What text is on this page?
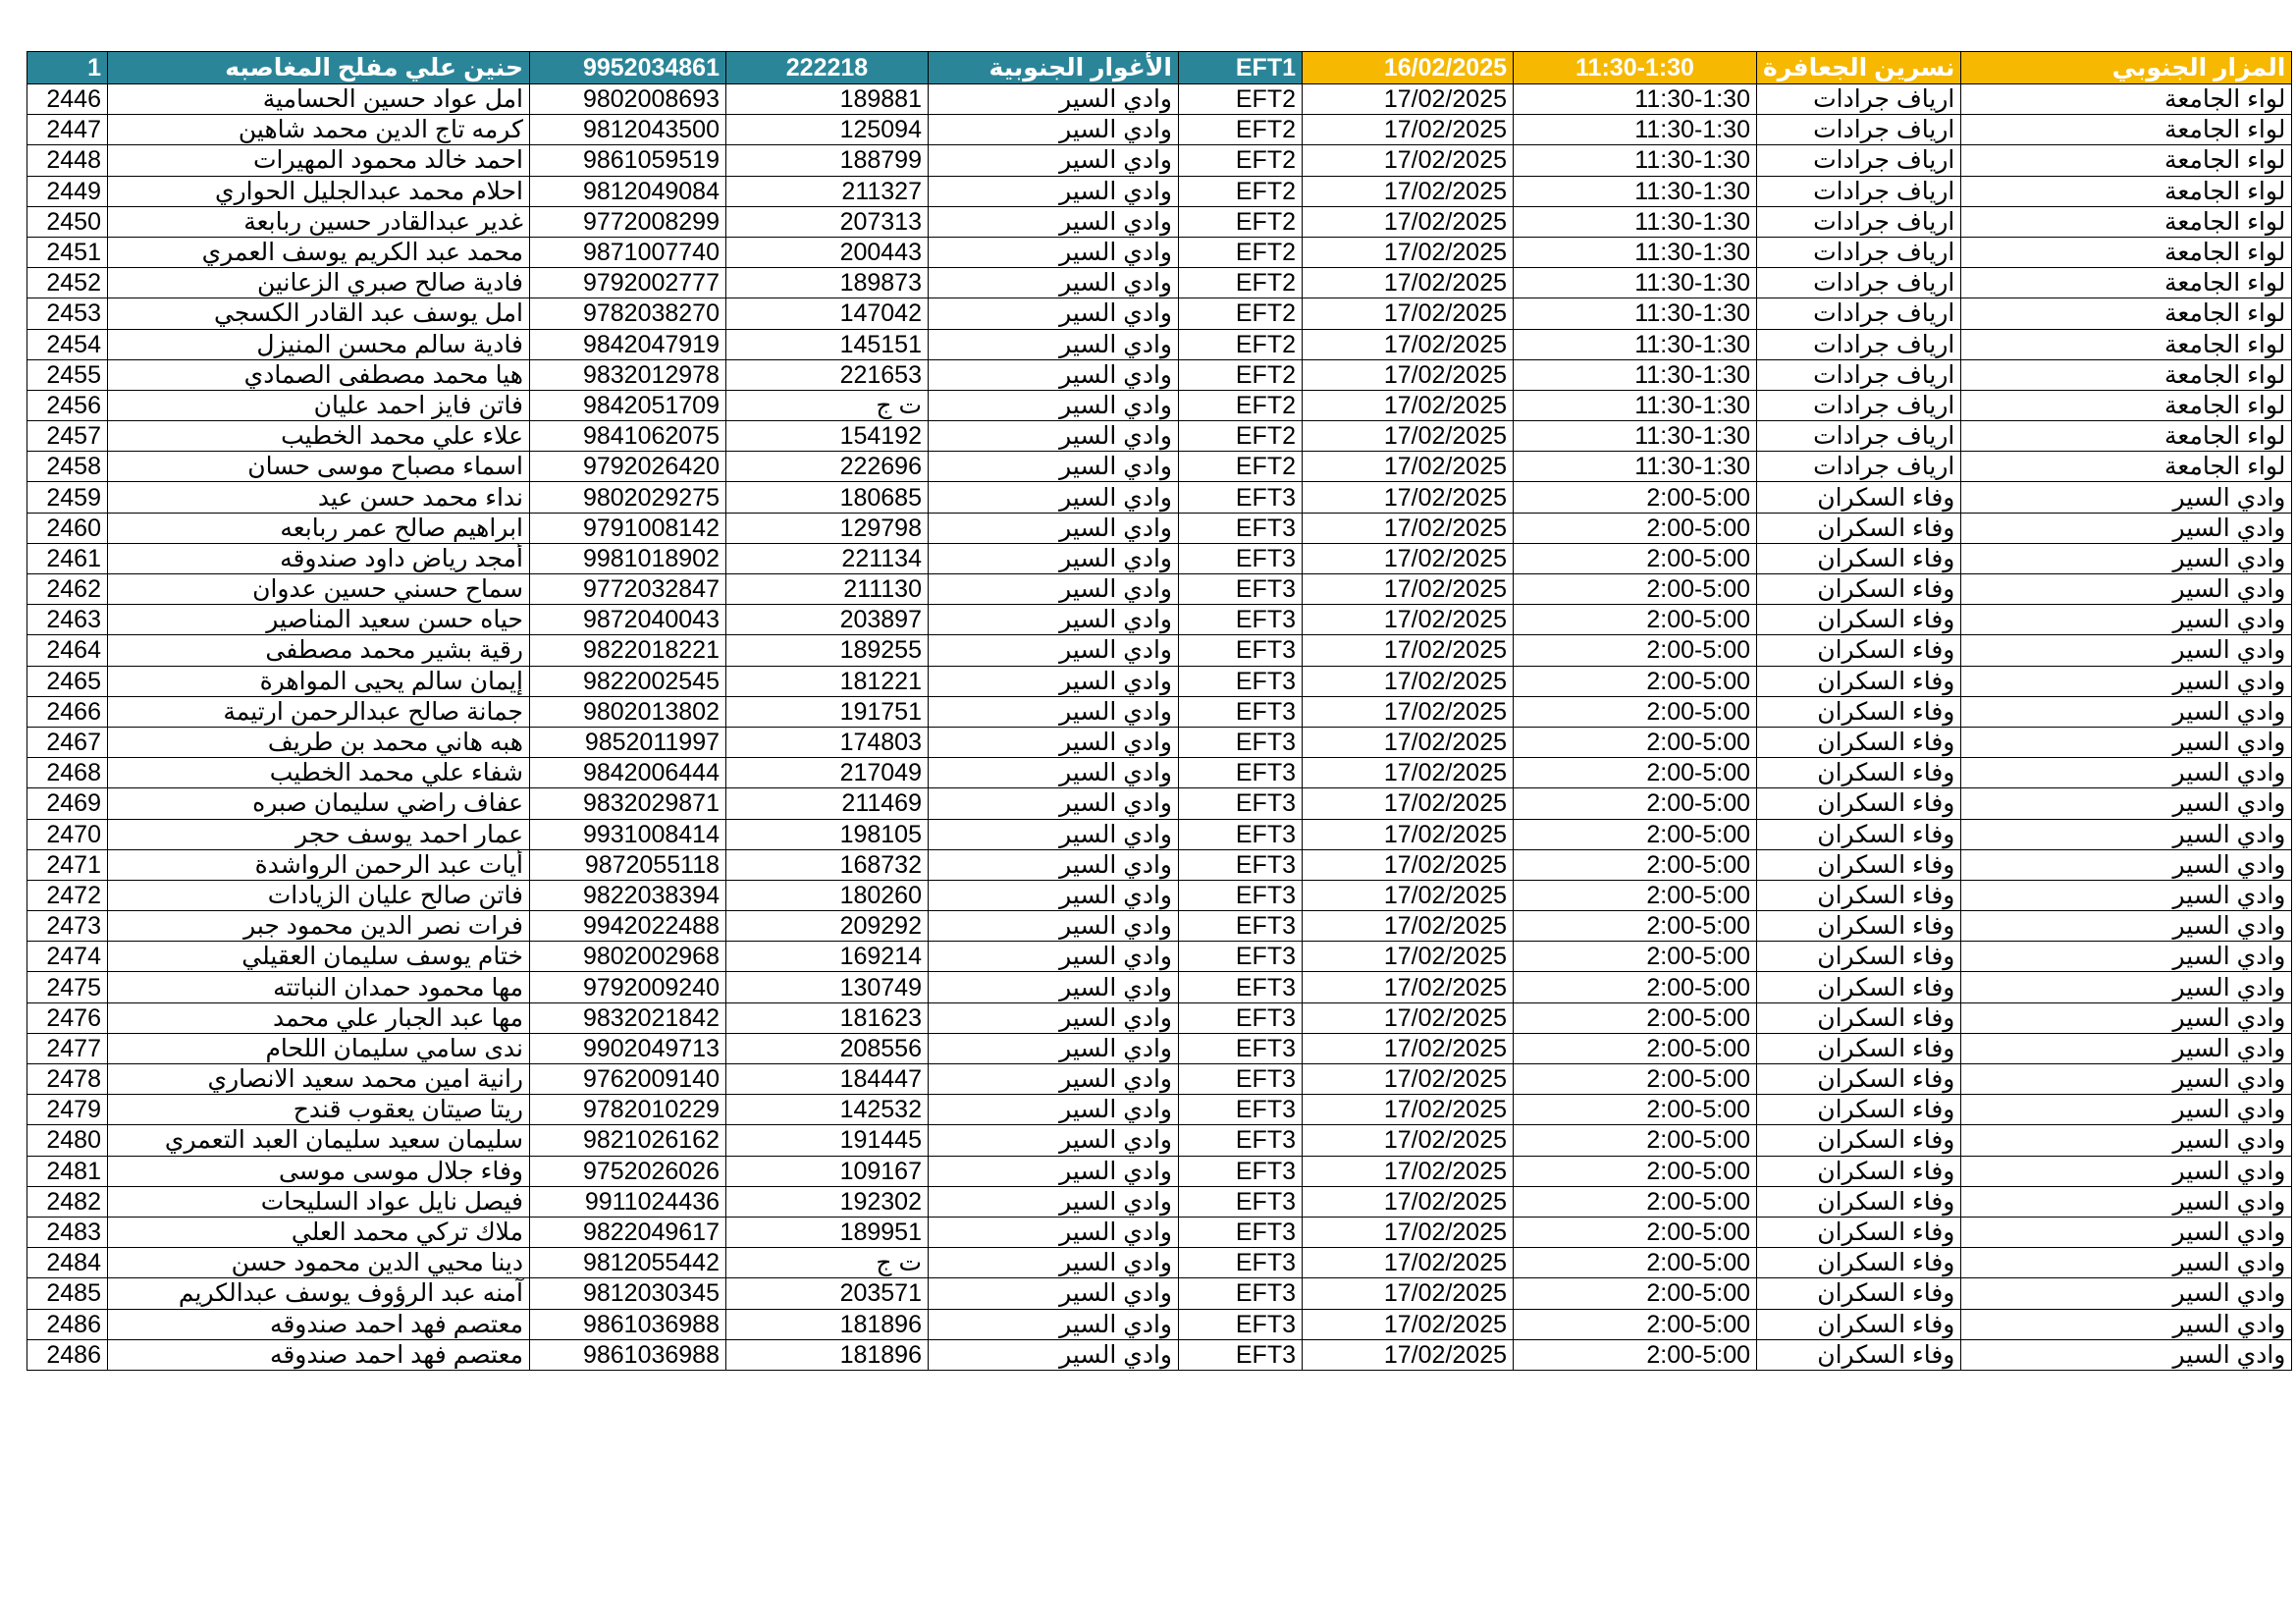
1	حنين علي مفلح المغاصبه	9952034861	222218	الأغوار الجنوبية	EFT1	16/02/2025	11:30-1:30	نسرين الجعافرة	المزار الجنوبي
2446	امل عواد حسين الحسامية	9802008693	189881	وادي السير	EFT2	17/02/2025	11:30-1:30	ارياف جرادات	لواء الجامعة
2447	كرمه تاج الدين محمد شاهين	9812043500	125094	وادي السير	EFT2	17/02/2025	11:30-1:30	ارياف جرادات	لواء الجامعة
2448	احمد خالد محمود المهيرات	9861059519	188799	وادي السير	EFT2	17/02/2025	11:30-1:30	ارياف جرادات	لواء الجامعة
2449	احلام محمد عبدالجليل الحواري	9812049084	211327	وادي السير	EFT2	17/02/2025	11:30-1:30	ارياف جرادات	لواء الجامعة
2450	غدير عبدالقادر حسين ربابعة	9772008299	207313	وادي السير	EFT2	17/02/2025	11:30-1:30	ارياف جرادات	لواء الجامعة
2451	محمد عبد الكريم يوسف العمري	9871007740	200443	وادي السير	EFT2	17/02/2025	11:30-1:30	ارياف جرادات	لواء الجامعة
2452	فادية صالح صبري الزعانين	9792002777	189873	وادي السير	EFT2	17/02/2025	11:30-1:30	ارياف جرادات	لواء الجامعة
2453	امل يوسف عبد القادر الكسجي	9782038270	147042	وادي السير	EFT2	17/02/2025	11:30-1:30	ارياف جرادات	لواء الجامعة
2454	فادية سالم محسن المنيزل	9842047919	145151	وادي السير	EFT2	17/02/2025	11:30-1:30	ارياف جرادات	لواء الجامعة
2455	هيا محمد مصطفى الصمادي	9832012978	221653	وادي السير	EFT2	17/02/2025	11:30-1:30	ارياف جرادات	لواء الجامعة
2456	فاتن فايز احمد عليان	9842051709	ت ج	وادي السير	EFT2	17/02/2025	11:30-1:30	ارياف جرادات	لواء الجامعة
2457	علاء علي محمد الخطيب	9841062075	154192	وادي السير	EFT2	17/02/2025	11:30-1:30	ارياف جرادات	لواء الجامعة
2458	اسماء مصباح موسى حسان	9792026420	222696	وادي السير	EFT2	17/02/2025	11:30-1:30	ارياف جرادات	لواء الجامعة
2459	نداء محمد حسن عيد	9802029275	180685	وادي السير	EFT3	17/02/2025	2:00-5:00	وفاء السكران	وادي السير
2460	ابراهيم صالح عمر ربابعه	9791008142	129798	وادي السير	EFT3	17/02/2025	2:00-5:00	وفاء السكران	وادي السير
2461	أمجد رياض داود صندوقه	9981018902	221134	وادي السير	EFT3	17/02/2025	2:00-5:00	وفاء السكران	وادي السير
2462	سماح حسني حسين عدوان	9772032847	211130	وادي السير	EFT3	17/02/2025	2:00-5:00	وفاء السكران	وادي السير
2463	حياه حسن سعيد المناصير	9872040043	203897	وادي السير	EFT3	17/02/2025	2:00-5:00	وفاء السكران	وادي السير
2464	رقية بشير محمد مصطفى	9822018221	189255	وادي السير	EFT3	17/02/2025	2:00-5:00	وفاء السكران	وادي السير
2465	إيمان سالم يحيى المواهرة	9822002545	181221	وادي السير	EFT3	17/02/2025	2:00-5:00	وفاء السكران	وادي السير
2466	جمانة صالح عبدالرحمن ارتيمة	9802013802	191751	وادي السير	EFT3	17/02/2025	2:00-5:00	وفاء السكران	وادي السير
2467	هبه هاني محمد بن طريف	9852011997	174803	وادي السير	EFT3	17/02/2025	2:00-5:00	وفاء السكران	وادي السير
2468	شفاء علي محمد الخطيب	9842006444	217049	وادي السير	EFT3	17/02/2025	2:00-5:00	وفاء السكران	وادي السير
2469	عفاف راضي سليمان صبره	9832029871	211469	وادي السير	EFT3	17/02/2025	2:00-5:00	وفاء السكران	وادي السير
2470	عمار احمد يوسف حجر	9931008414	198105	وادي السير	EFT3	17/02/2025	2:00-5:00	وفاء السكران	وادي السير
2471	أيات عبد الرحمن الرواشدة	9872055118	168732	وادي السير	EFT3	17/02/2025	2:00-5:00	وفاء السكران	وادي السير
2472	فاتن صالح عليان الزيادات	9822038394	180260	وادي السير	EFT3	17/02/2025	2:00-5:00	وفاء السكران	وادي السير
2473	فرات نصر الدين محمود جبر	9942022488	209292	وادي السير	EFT3	17/02/2025	2:00-5:00	وفاء السكران	وادي السير
2474	ختام يوسف سليمان العقيلي	9802002968	169214	وادي السير	EFT3	17/02/2025	2:00-5:00	وفاء السكران	وادي السير
2475	مها محمود حمدان النباتته	9792009240	130749	وادي السير	EFT3	17/02/2025	2:00-5:00	وفاء السكران	وادي السير
2476	مها عبد الجبار علي محمد	9832021842	181623	وادي السير	EFT3	17/02/2025	2:00-5:00	وفاء السكران	وادي السير
2477	ندى سامي سليمان اللحام	9902049713	208556	وادي السير	EFT3	17/02/2025	2:00-5:00	وفاء السكران	وادي السير
2478	رانية امين محمد سعيد الانصاري	9762009140	184447	وادي السير	EFT3	17/02/2025	2:00-5:00	وفاء السكران	وادي السير
2479	ريتا صيتان يعقوب قندح	9782010229	142532	وادي السير	EFT3	17/02/2025	2:00-5:00	وفاء السكران	وادي السير
2480	سليمان سعيد سليمان العبد التعمري	9821026162	191445	وادي السير	EFT3	17/02/2025	2:00-5:00	وفاء السكران	وادي السير
2481	وفاء جلال موسى موسى	9752026026	109167	وادي السير	EFT3	17/02/2025	2:00-5:00	وفاء السكران	وادي السير
2482	فيصل نايل عواد السليحات	9911024436	192302	وادي السير	EFT3	17/02/2025	2:00-5:00	وفاء السكران	وادي السير
2483	ملاك تركي محمد العلي	9822049617	189951	وادي السير	EFT3	17/02/2025	2:00-5:00	وفاء السكران	وادي السير
2484	دينا محيي الدين محمود حسن	9812055442	ت ج	وادي السير	EFT3	17/02/2025	2:00-5:00	وفاء السكران	وادي السير
2485	آمنه عبد الرؤوف يوسف عبدالكريم	9812030345	203571	وادي السير	EFT3	17/02/2025	2:00-5:00	وفاء السكران	وادي السير
2486	معتصم فهد احمد صندوقه	9861036988	181896	وادي السير	EFT3	17/02/2025	2:00-5:00	وفاء السكران	وادي السير
2486	معتصم فهد احمد صندوقه	9861036988	181896	وادي السير	EFT3	17/02/2025	2:00-5:00	وفاء السكران	وادي السير
